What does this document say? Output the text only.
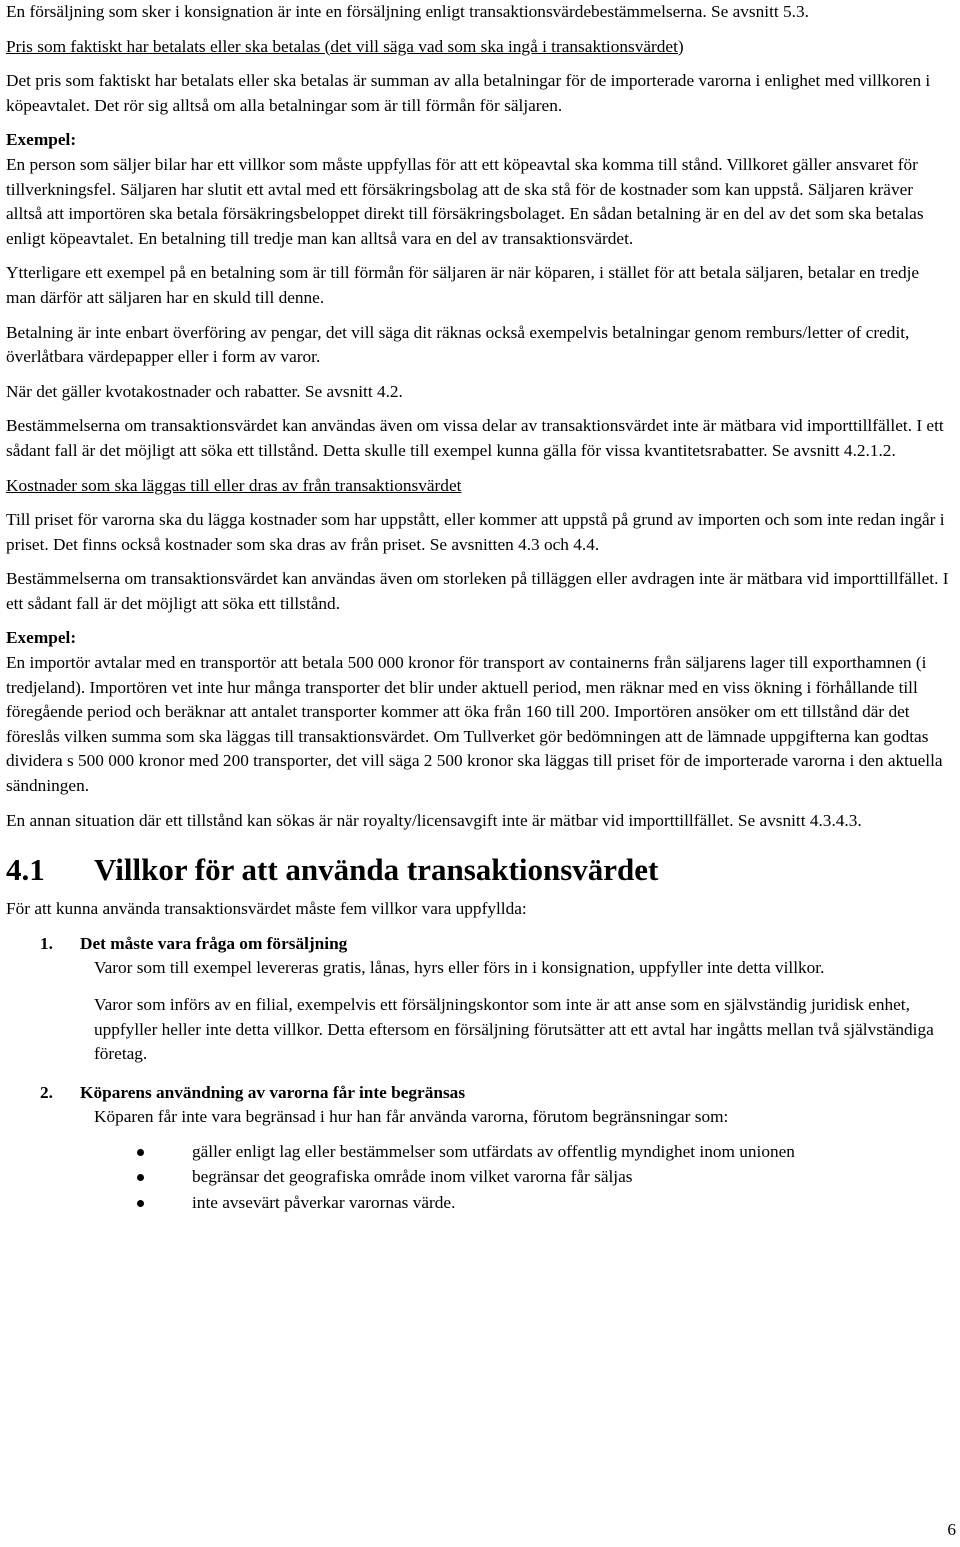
En försäljning som sker i konsignation är inte en försäljning enligt transaktionsvärdebestämmelserna. Se avsnitt 5.3.

Pris som faktiskt har betalats eller ska betalas (det vill säga vad som ska ingå i transaktionsvärdet)

Det pris som faktiskt har betalats eller ska betalas är summan av alla betalningar för de importerade varorna i enlighet med villkoren i köpeavtalet. Det rör sig alltså om alla betalningar som är till förmån för säljaren.

Exempel:

En person som säljer bilar har ett villkor som måste uppfyllas för att ett köpeavtal ska komma till stånd. Villkoret gäller ansvaret för tillverkningsfel. Säljaren har slutit ett avtal med ett försäkringsbolag att de ska stå för de kostnader som kan uppstå. Säljaren kräver alltså att importören ska betala försäkringsbeloppet direkt till försäkringsbolaget. En sådan betalning är en del av det som ska betalas enligt köpeavtalet. En betalning till tredje man kan alltså vara en del av transaktionsvärdet.

Ytterligare ett exempel på en betalning som är till förmån för säljaren är när köparen, i stället för att betala säljaren, betalar en tredje man därför att säljaren har en skuld till denne.

Betalning är inte enbart överföring av pengar, det vill säga dit räknas också exempelvis betalningar genom remburs/letter of credit, överlåtbara värdepapper eller i form av varor.

När det gäller kvotakostnader och rabatter. Se avsnitt 4.2.

Bestämmelserna om transaktionsvärdet kan användas även om vissa delar av transaktionsvärdet inte är mätbara vid importtillfället. I ett sådant fall är det möjligt att söka ett tillstånd. Detta skulle till exempel kunna gälla för vissa kvantitetsrabatter. Se avsnitt 4.2.1.2.

Kostnader som ska läggas till eller dras av från transaktionsvärdet

Till priset för varorna ska du lägga kostnader som har uppstått, eller kommer att uppstå på grund av importen och som inte redan ingår i priset. Det finns också kostnader som ska dras av från priset. Se avsnitten 4.3 och 4.4.

Bestämmelserna om transaktionsvärdet kan användas även om storleken på tilläggen eller avdragen inte är mätbara vid importtillfället. I ett sådant fall är det möjligt att söka ett tillstånd.

Exempel:

En importör avtalar med en transportör att betala 500 000 kronor för transport av containerns från säljarens lager till exporthamnen (i tredjeland). Importören vet inte hur många transporter det blir under aktuell period, men räknar med en viss ökning i förhållande till föregående period och beräknar att antalet transporter kommer att öka från 160 till 200. Importören ansöker om ett tillstånd där det föreslås vilken summa som ska läggas till transaktionsvärdet. Om Tullverket gör bedömningen att de lämnade uppgifterna kan godtas dividera s 500 000 kronor med 200 transporter, det vill säga 2 500 kronor ska läggas till priset för de importerade varorna i den aktuella sändningen.

En annan situation där ett tillstånd kan sökas är när royalty/licensavgift inte är mätbar vid importtillfället. Se avsnitt 4.3.4.3.

4.1 Villkor för att använda transaktionsvärdet

För att kunna använda transaktionsvärdet måste fem villkor vara uppfyllda:

1. Det måste vara fråga om försäljning

Varor som till exempel levereras gratis, lånas, hyrs eller förs in i konsignation, uppfyller inte detta villkor.

Varor som införs av en filial, exempelvis ett försäljningskontor som inte är att anse som en självständig juridisk enhet, uppfyller heller inte detta villkor. Detta eftersom en försäljning förutsätter att ett avtal har ingåtts mellan två självständiga företag.

2. Köparens användning av varorna får inte begränsas

Köparen får inte vara begränsad i hur han får använda varorna, förutom begränsningar som:

gäller enligt lag eller bestämmelser som utfärdats av offentlig myndighet inom unionen
begränsar det geografiska område inom vilket varorna får säljas
inte avsevärt påverkar varornas värde.
6
